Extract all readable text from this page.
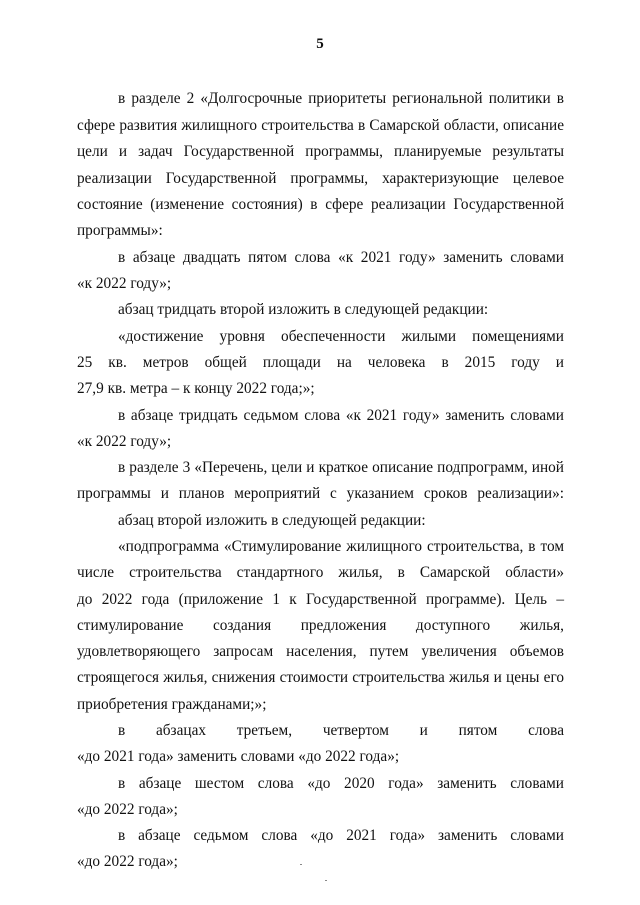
5
в разделе 2 «Долгосрочные приоритеты региональной политики в
сфере развития жилищного строительства в Самарской области, описание
цели и задач Государственной программы, планируемые результаты
реализации Государственной программы, характеризующие целевое
состояние (изменение состояния) в сфере реализации Государственной
программы»:
в абзаце двадцать пятом слова «к 2021 году» заменить словами
«к 2022 году»;
абзац тридцать второй изложить в следующей редакции:
«достижение уровня обеспеченности жилыми помещениями
25 кв. метров общей площади на человека в 2015 году и
27,9 кв. метра – к концу 2022 года;»;
в абзаце тридцать седьмом слова «к 2021 году» заменить словами
«к 2022 году»;
в разделе 3 «Перечень, цели и краткое описание подпрограмм, иной
программы и планов мероприятий с указанием сроков реализации»:
абзац второй изложить в следующей редакции:
«подпрограмма «Стимулирование жилищного строительства, в том
числе строительства стандартного жилья, в Самарской области»
до 2022 года (приложение 1 к Государственной программе). Цель –
стимулирование создания предложения доступного жилья,
удовлетворяющего запросам населения, путем увеличения объемов
строящегося жилья, снижения стоимости строительства жилья и цены его
приобретения гражданами;»;
в абзацах третьем, четвертом и пятом слова
«до 2021 года» заменить словами «до 2022 года»;
в абзаце шестом слова «до 2020 года» заменить словами
«до 2022 года»;
в абзаце седьмом слова «до 2021 года» заменить словами
«до 2022 года»;
